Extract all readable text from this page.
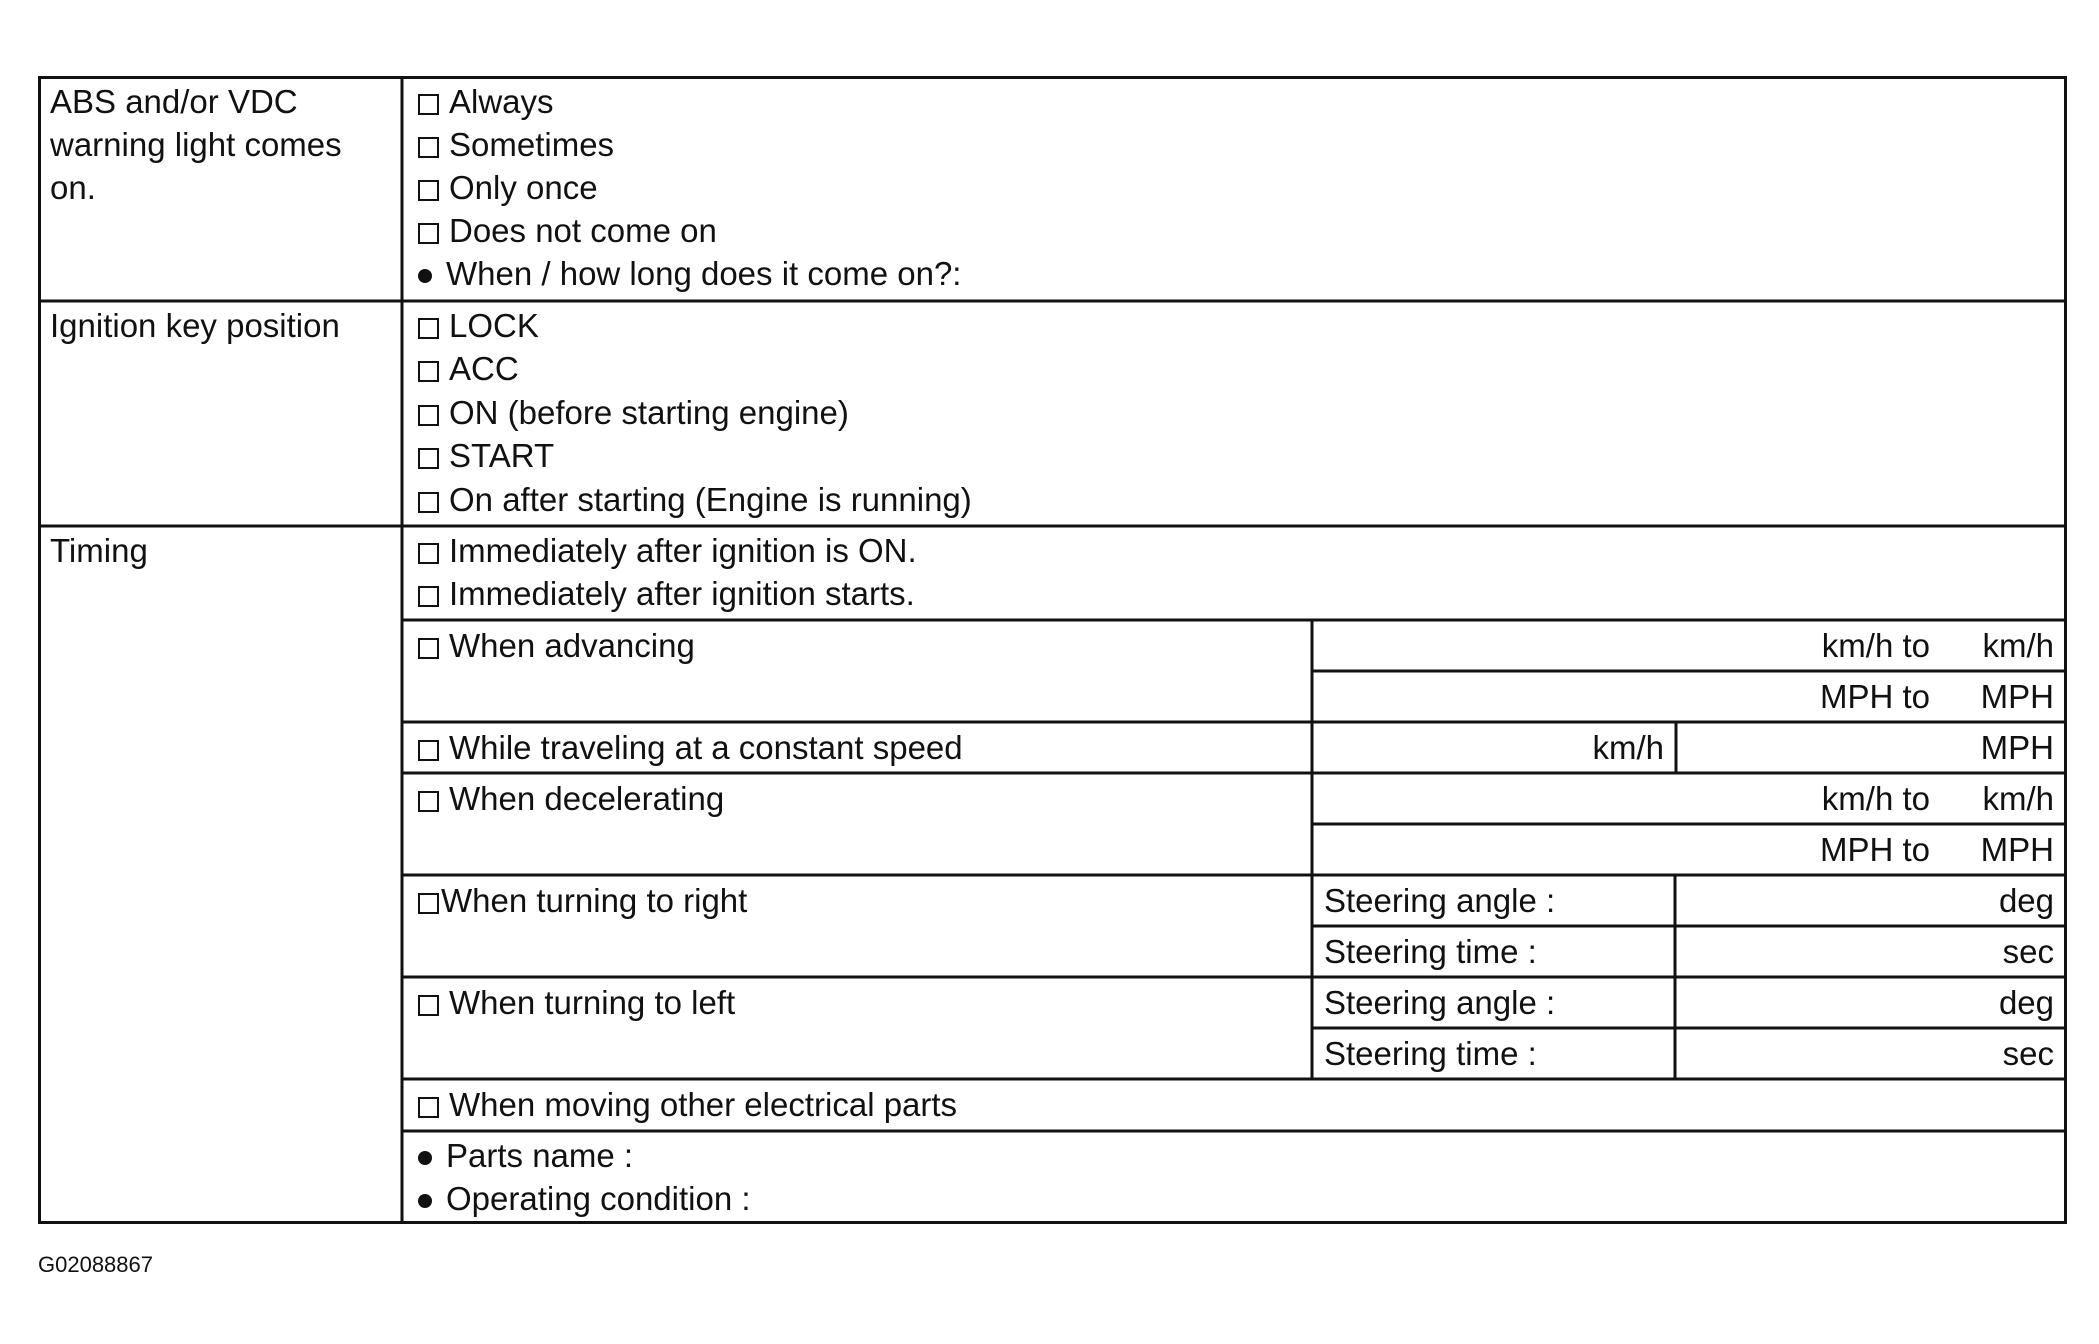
ABS and/or VDC
warning light comes
on.
Always
Sometimes
Only once
Does not come on
When / how long does it come on?:
Ignition key position	LOCK
ACC
ON (before starting engine)
START
On after starting (Engine is running)
Timing	Immediately after ignition is ON.
Immediately after ignition starts.
When advancing	km/h to	km/h
MPH to	MPH
While traveling at a constant speed	km/h	MPH
When decelerating	km/h to	km/h
MPH to	MPH
When turning to right	Steering angle :	deg
Steering time :	sec
When turning to left	Steering angle :	deg
Steering time :	sec
When moving other electrical parts
Parts name :
Operating condition :
G02088867
